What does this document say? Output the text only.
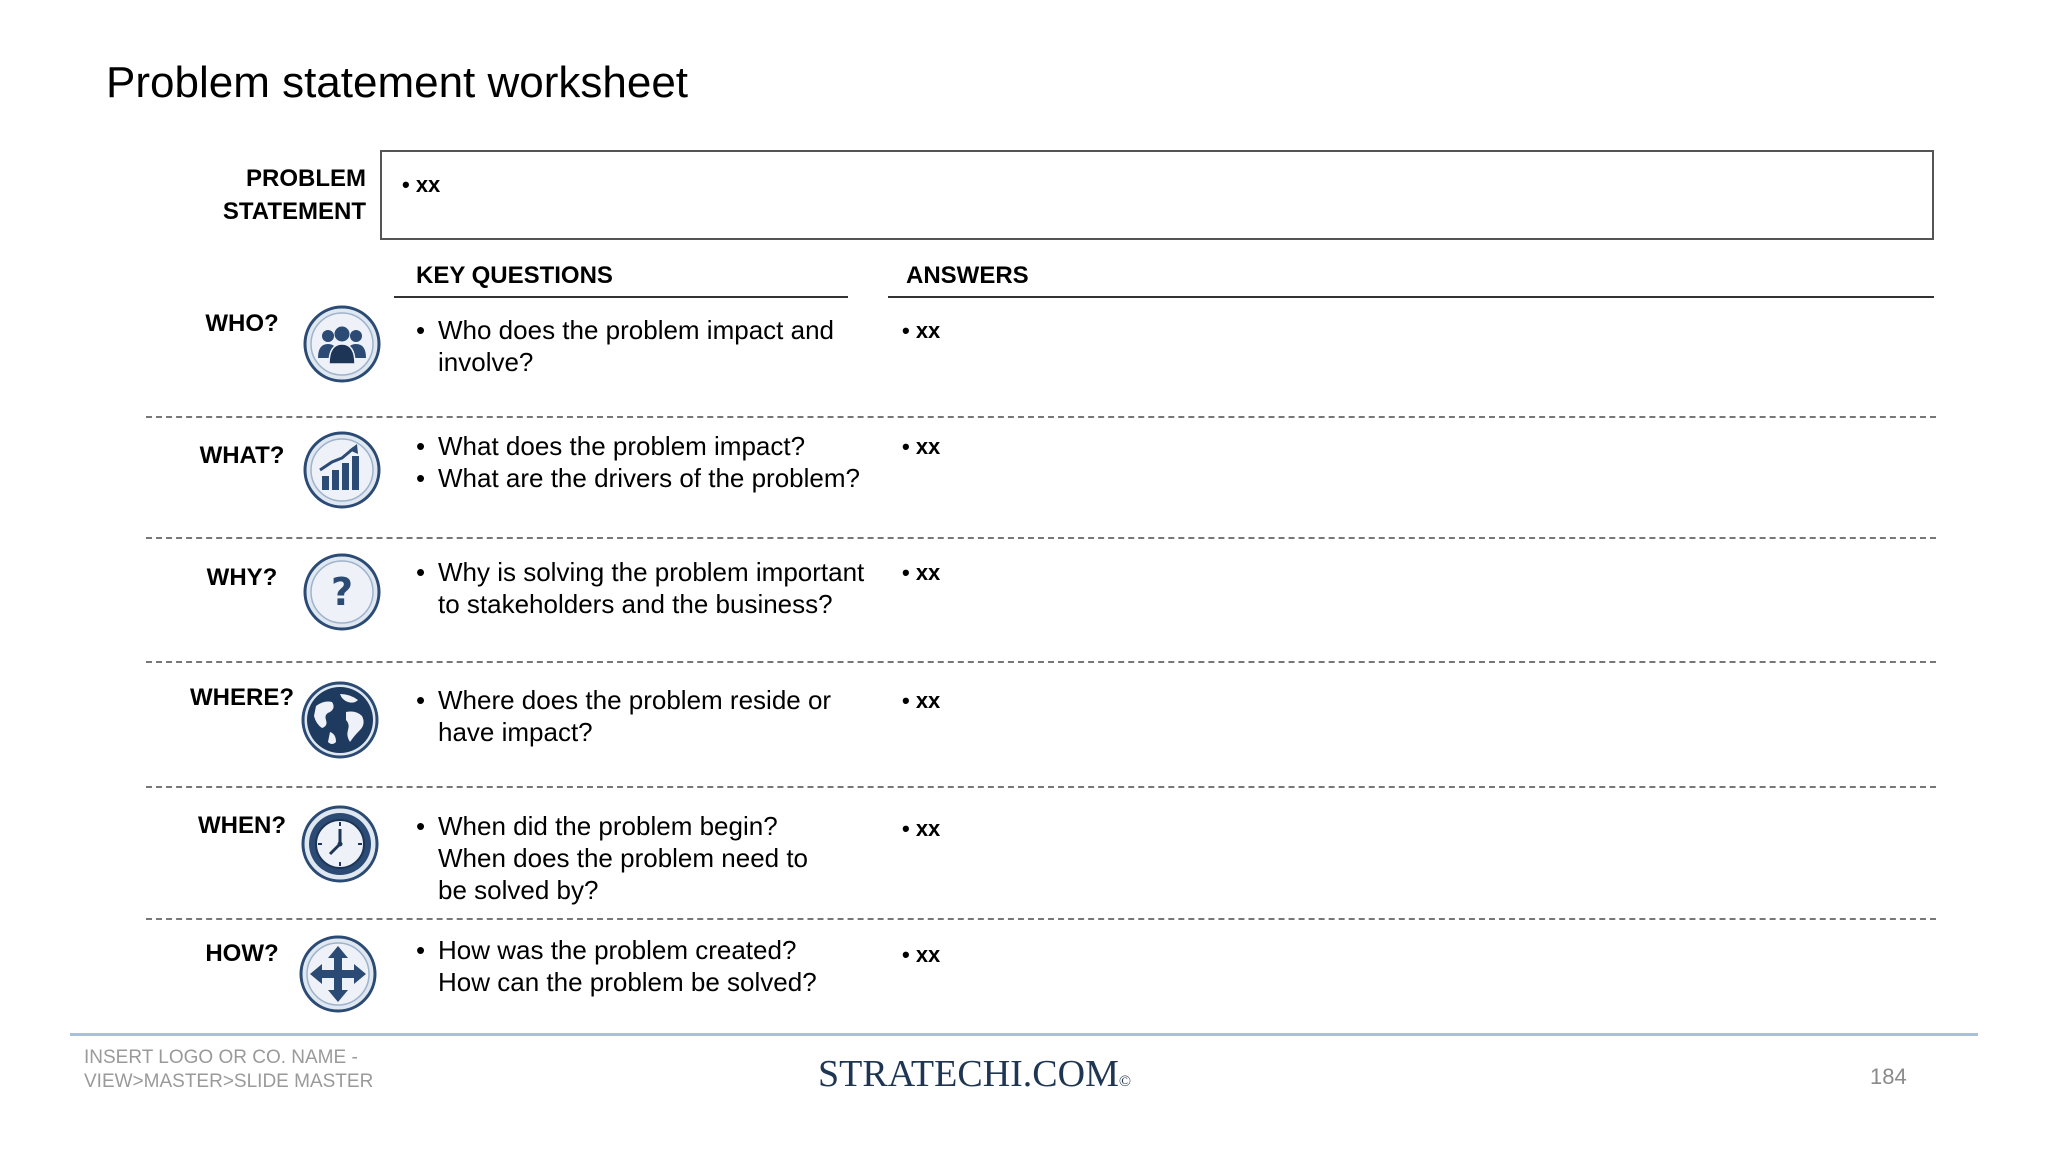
Problem statement worksheet
PROBLEM
STATEMENT
• xx
KEY QUESTIONS	ANSWERS
WHO?	• Who does the problem impact and
involve?
• xx
WHAT?	• What does the problem impact?
• What are the drivers of the problem?
• xx
WHY?	?	• Why is solving the problem important
to stakeholders and the business?
• xx
WHERE?	• Where does the problem reside or
have impact?
• xx
WHEN?	• When did the problem begin?
When does the problem need to
be solved by?
• xx
HOW?	• How was the problem created?
How can the problem be solved?
• xx
INSERT LOGO OR CO. NAME -
VIEW>MASTER>SLIDE MASTER	STRATECHI.COM©	184
